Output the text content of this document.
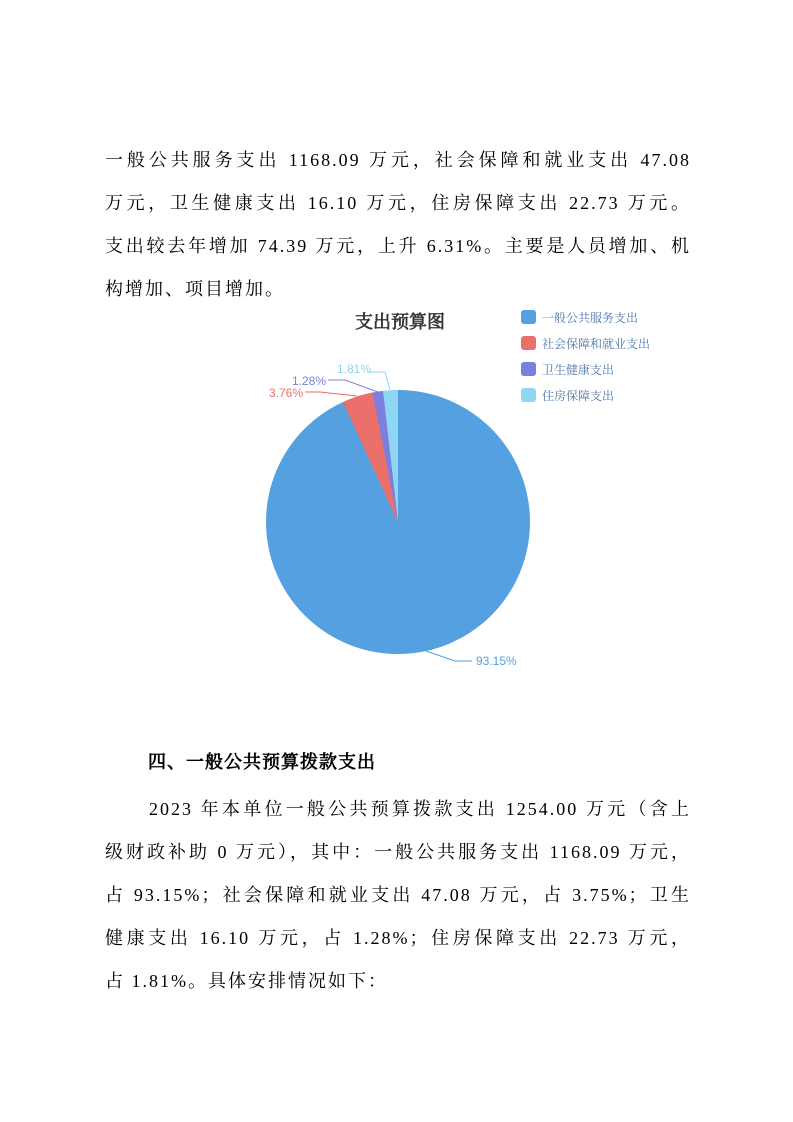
一般公共服务支出 1168.09 万元，社会保障和就业支出 47.08
万元，卫生健康支出 16.10 万元，住房保障支出 22.73 万元。
支出较去年增加 74.39 万元，上升 6.31%。主要是人员增加、机
构增加、项目增加。
支出预算图	一般公共服务支出
社会保障和就业支出
卫生健康支出
住房保障支出
93.15%
3.76%
1.28%
1.81%
四、一般公共预算拨款支出
2023 年本单位一般公共预算拨款支出 1254.00 万元（含上
级财政补助 0 万元），其中：一般公共服务支出 1168.09 万元，
占 93.15%；社会保障和就业支出 47.08 万元，占 3.75%；卫生
健康支出 16.10 万元，占 1.28%；住房保障支出 22.73 万元，
占 1.81%。具体安排情况如下：
